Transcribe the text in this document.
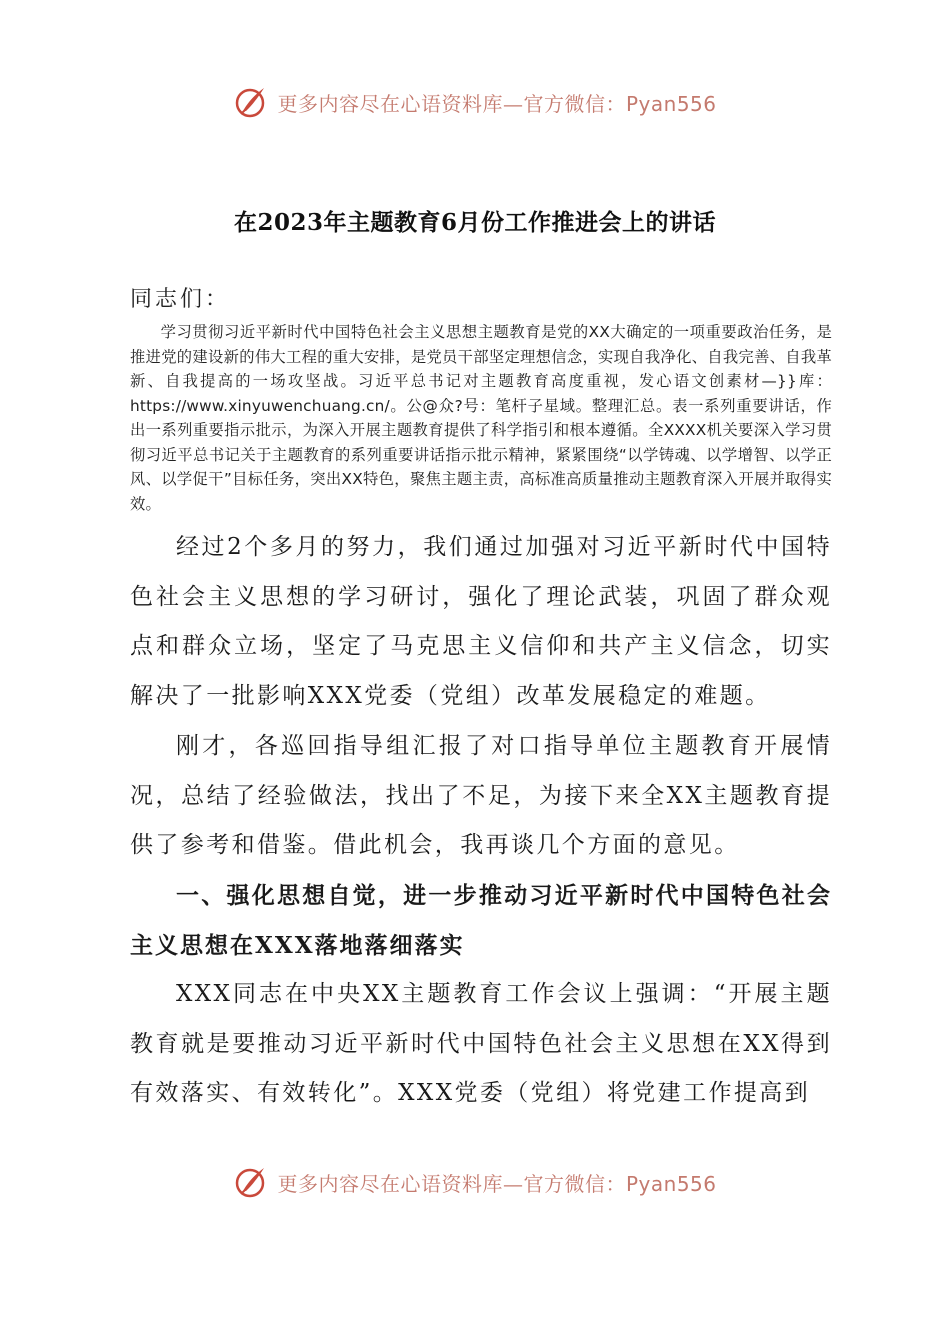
更多内容尽在心语资料库—官方微信：Pyan556
在2023年主题教育6月份工作推进会上的讲话
同志们：

学习贯彻习近平新时代中国特色社会主义思想主题教育是党的XX大确定的一项重要政治任务，是推进党的建设新的伟大工程的重大安排，是党员干部坚定理想信念，实现自我净化、自我完善、自我革新、自我提高的一场攻坚战。习近平总书记对主题教育高度重视，发心语文创素材—}}库：https://www.xinyuwenchuang.cn/。公@众?号：笔杆子星域。整理汇总。表一系列重要讲话，作出一系列重要指示批示，为深入开展主题教育提供了科学指引和根本遵循。全XXXX机关要深入学习贯彻习近平总书记关于主题教育的系列重要讲话指示批示精神，紧紧围绕“以学铸魂、以学增智、以学正风、以学促干”目标任务，突出XX特色，聚焦主题主责，高标准高质量推动主题教育深入开展并取得实效。

经过2个多月的努力，我们通过加强对习近平新时代中国特色社会主义思想的学习研讨，强化了理论武装，巩固了群众观点和群众立场，坚定了马克思主义信仰和共产主义信念，切实解决了一批影响XXX党委（党组）改革发展稳定的难题。

刚才，各巡回指导组汇报了对口指导单位主题教育开展情况，总结了经验做法，找出了不足，为接下来全XX主题教育提供了参考和借鉴。借此机会，我再谈几个方面的意见。

一、强化思想自觉，进一步推动习近平新时代中国特色社会主义思想在XXX落地落细落实

XXX同志在中央XX主题教育工作会议上强调：“开展主题教育就是要推动习近平新时代中国特色社会主义思想在XX得到有效落实、有效转化”。XXX党委（党组）将党建工作提高到

更多内容尽在心语资料库—官方微信：Pyan556
